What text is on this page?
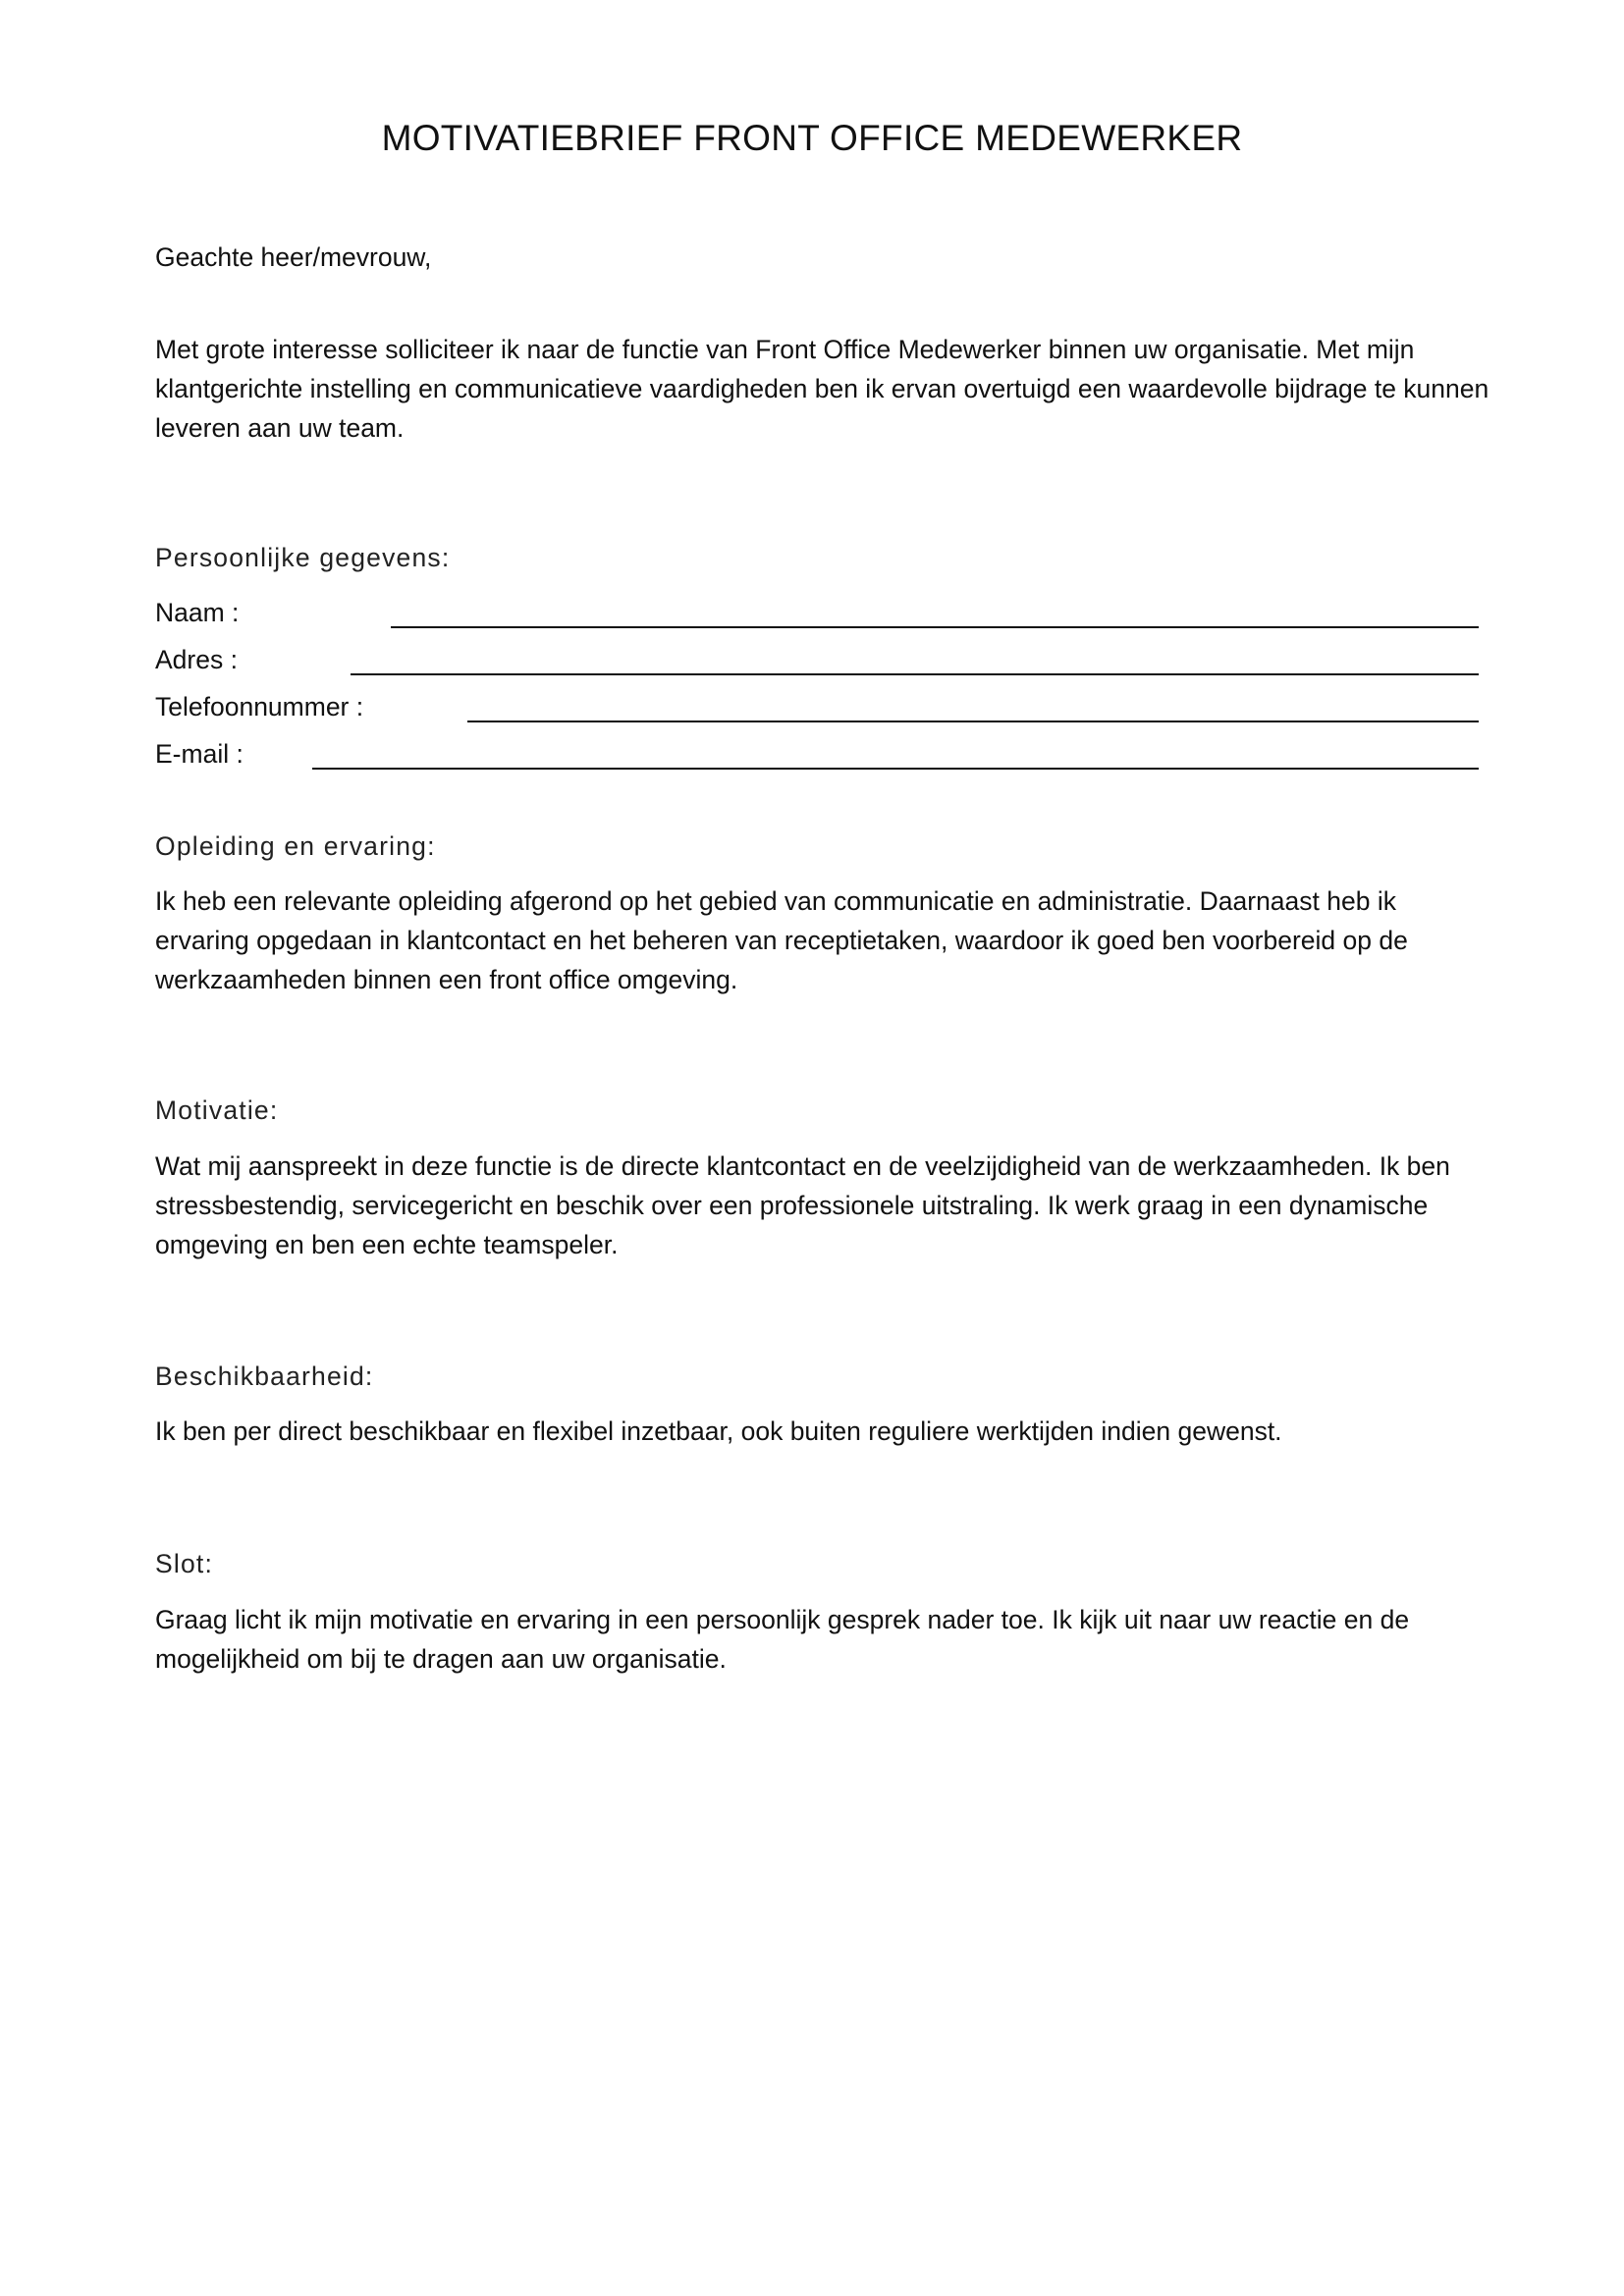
MOTIVATIEBRIEF FRONT OFFICE MEDEWERKER
Geachte heer/mevrouw,
Met grote interesse solliciteer ik naar de functie van Front Office Medewerker binnen uw organisatie. Met mijn klantgerichte instelling en communicatieve vaardigheden ben ik ervan overtuigd een waardevolle bijdrage te kunnen leveren aan uw team.
Persoonlijke gegevens:
Naam :
Adres :
Telefoonnummer :
E-mail :
Opleiding en ervaring:
Ik heb een relevante opleiding afgerond op het gebied van communicatie en administratie. Daarnaast heb ik ervaring opgedaan in klantcontact en het beheren van receptietaken, waardoor ik goed ben voorbereid op de werkzaamheden binnen een front office omgeving.
Motivatie:
Wat mij aanspreekt in deze functie is de directe klantcontact en de veelzijdigheid van de werkzaamheden. Ik ben stressbestendig, servicegericht en beschik over een professionele uitstraling. Ik werk graag in een dynamische omgeving en ben een echte teamspeler.
Beschikbaarheid:
Ik ben per direct beschikbaar en flexibel inzetbaar, ook buiten reguliere werktijden indien gewenst.
Slot:
Graag licht ik mijn motivatie en ervaring in een persoonlijk gesprek nader toe. Ik kijk uit naar uw reactie en de mogelijkheid om bij te dragen aan uw organisatie.
